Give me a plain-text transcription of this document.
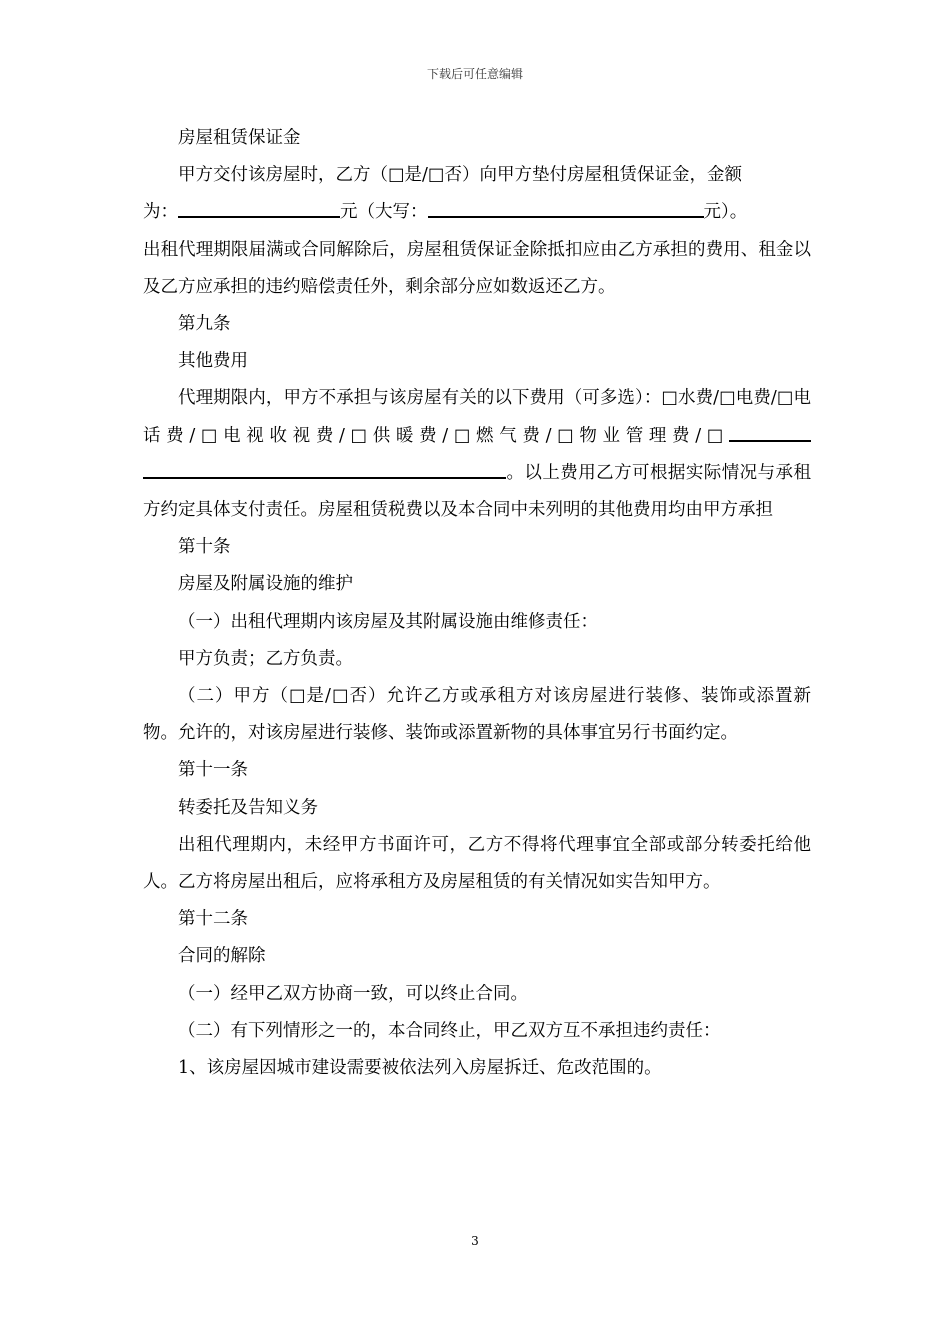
下载后可任意编辑

房屋租赁保证金

甲方交付该房屋时，乙方（□是/□否）向甲方垫付房屋租赁保证金，金额

为：	元（大写：	元）。

出租代理期限届满或合同解除后，房屋租赁保证金除抵扣应由乙方承担的费用、租金以及乙方应承担的违约赔偿责任外，剩余部分应如数返还乙方。

第九条

其他费用

代理期限内，甲方不承担与该房屋有关的以下费用（可多选）：□水费/□电费/□电话费/□电视收视费/□供暖费/□燃气费/□物业管理费/□。以上费用乙方可根据实际情况与承租方约定具体支付责任。房屋租赁税费以及本合同中未列明的其他费用均由甲方承担

第十条

房屋及附属设施的维护

（一）出租代理期内该房屋及其附属设施由维修责任：

甲方负责；乙方负责。

（二）甲方（□是/□否）允许乙方或承租方对该房屋进行装修、装饰或添置新物。允许的，对该房屋进行装修、装饰或添置新物的具体事宜另行书面约定。

第十一条

转委托及告知义务

出租代理期内，未经甲方书面许可，乙方不得将代理事宜全部或部分转委托给他人。乙方将房屋出租后，应将承租方及房屋租赁的有关情况如实告知甲方。

第十二条

合同的解除

（一）经甲乙双方协商一致，可以终止合同。

（二）有下列情形之一的，本合同终止，甲乙双方互不承担违约责任：

1、该房屋因城市建设需要被依法列入房屋拆迁、危改范围的。

3
